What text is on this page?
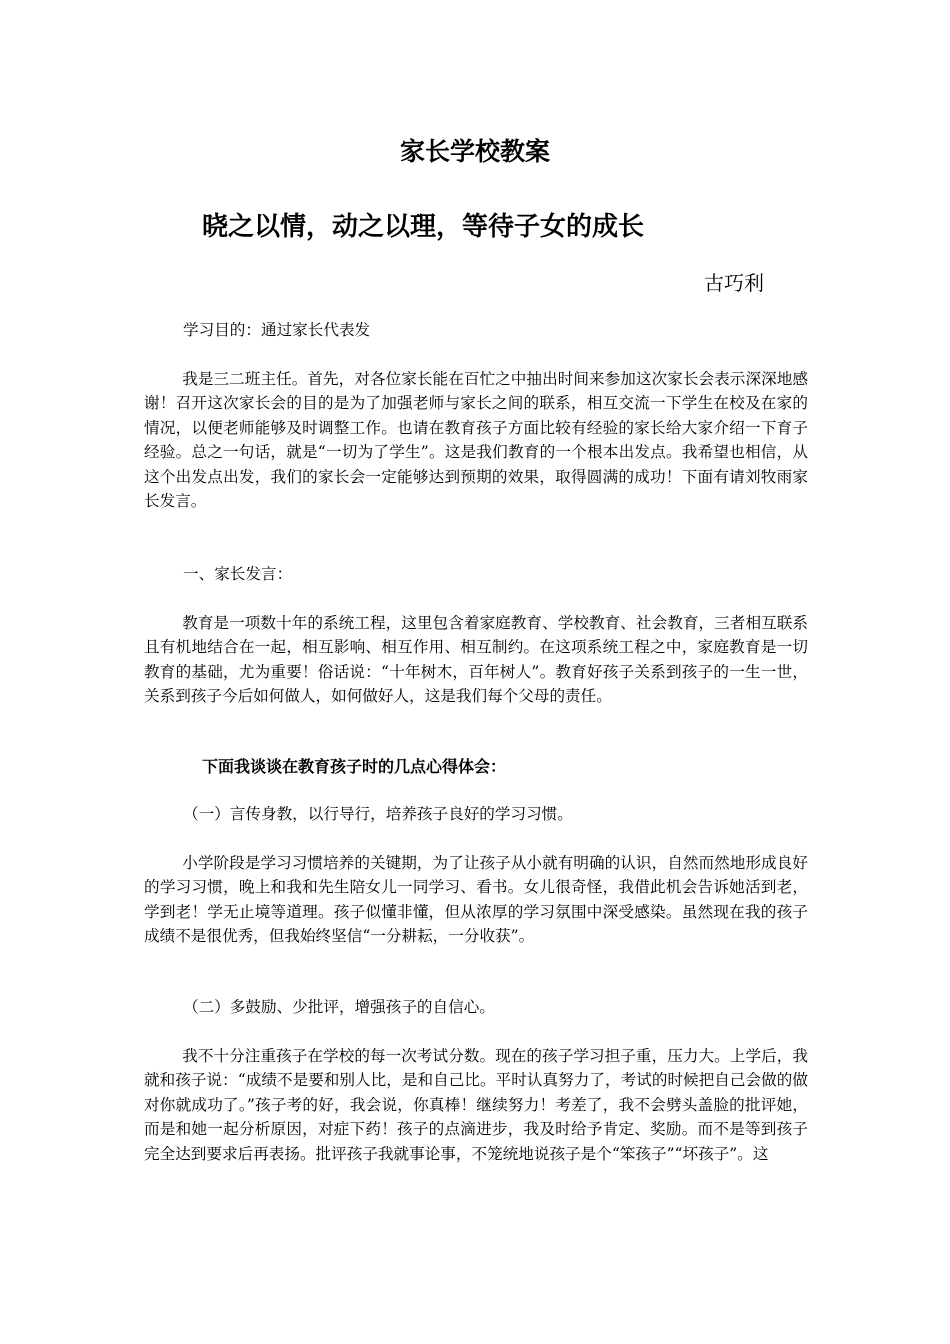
家长学校教案
晓之以情，动之以理，等待子女的成长
古巧利
学习目的：通过家长代表发
我是三二班主任。首先，对各位家长能在百忙之中抽出时间来参加这次家长会表示深深地感谢！召开这次家长会的目的是为了加强老师与家长之间的联系，相互交流一下学生在校及在家的情况，以便老师能够及时调整工作。也请在教育孩子方面比较有经验的家长给大家介绍一下育子经验。总之一句话，就是“一切为了学生”。这是我们教育的一个根本出发点。我希望也相信，从这个出发点出发，我们的家长会一定能够达到预期的效果，取得圆满的成功！下面有请刘牧雨家长发言。
一、家长发言：
教育是一项数十年的系统工程，这里包含着家庭教育、学校教育、社会教育，三者相互联系且有机地结合在一起，相互影响、相互作用、相互制约。在这项系统工程之中，家庭教育是一切教育的基础，尤为重要！俗话说：“十年树木，百年树人”。教育好孩子关系到孩子的一生一世，关系到孩子今后如何做人，如何做好人，这是我们每个父母的责任。
下面我谈谈在教育孩子时的几点心得体会：
（一）言传身教，以行导行，培养孩子良好的学习习惯。
小学阶段是学习习惯培养的关键期，为了让孩子从小就有明确的认识，自然而然地形成良好的学习习惯，晚上和我和先生陪女儿一同学习、看书。女儿很奇怪，我借此机会告诉她活到老，学到老！学无止境等道理。孩子似懂非懂，但从浓厚的学习氛围中深受感染。虽然现在我的孩子成绩不是很优秀，但我始终坚信“一分耕耘，一分收获”。
（二）多鼓励、少批评，增强孩子的自信心。
我不十分注重孩子在学校的每一次考试分数。现在的孩子学习担子重，压力大。上学后，我就和孩子说：“成绩不是要和别人比，是和自己比。平时认真努力了，考试的时候把自己会做的做对你就成功了。”孩子考的好，我会说，你真棒！继续努力！考差了，我不会劈头盖脸的批评她，而是和她一起分析原因，对症下药！孩子的点滴进步，我及时给予肯定、奖励。而不是等到孩子完全达到要求后再表扬。批评孩子我就事论事，不笼统地说孩子是个“笨孩子”“坏孩子”。这
